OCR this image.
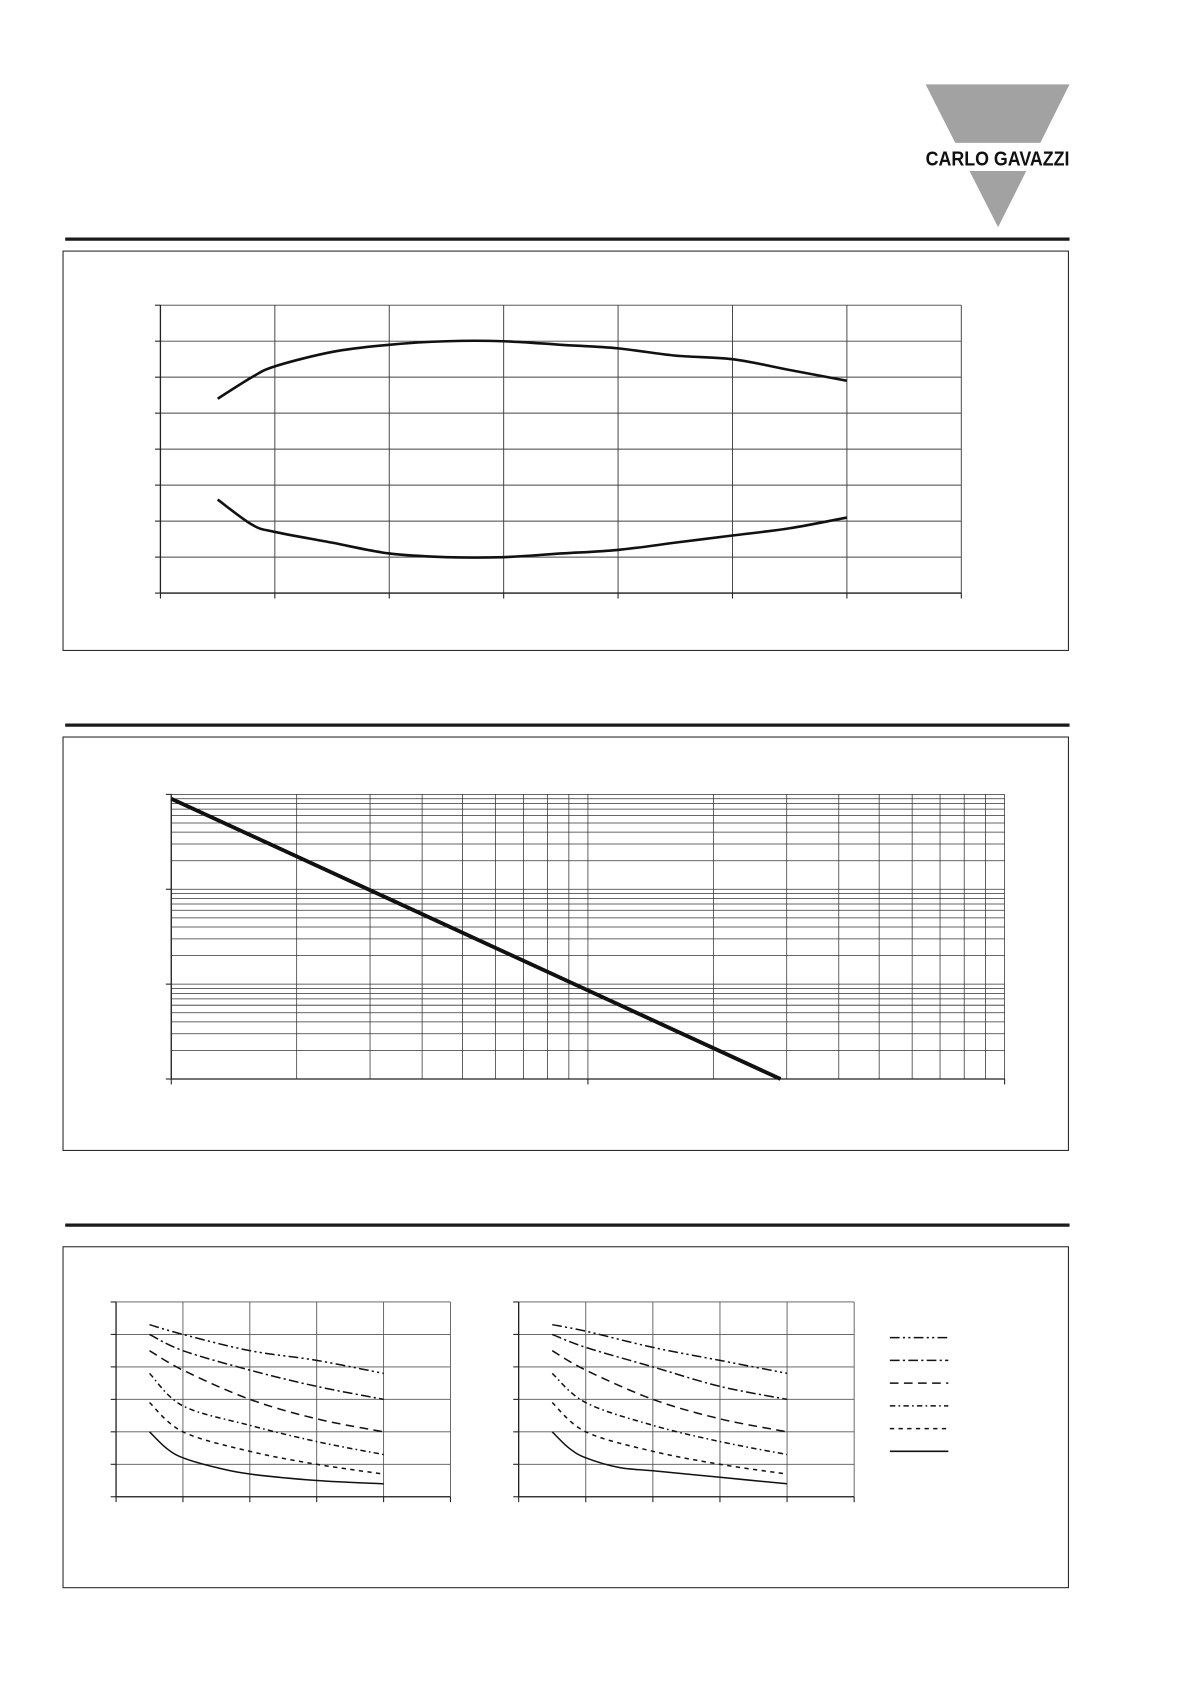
CARLO GAVAZZI
